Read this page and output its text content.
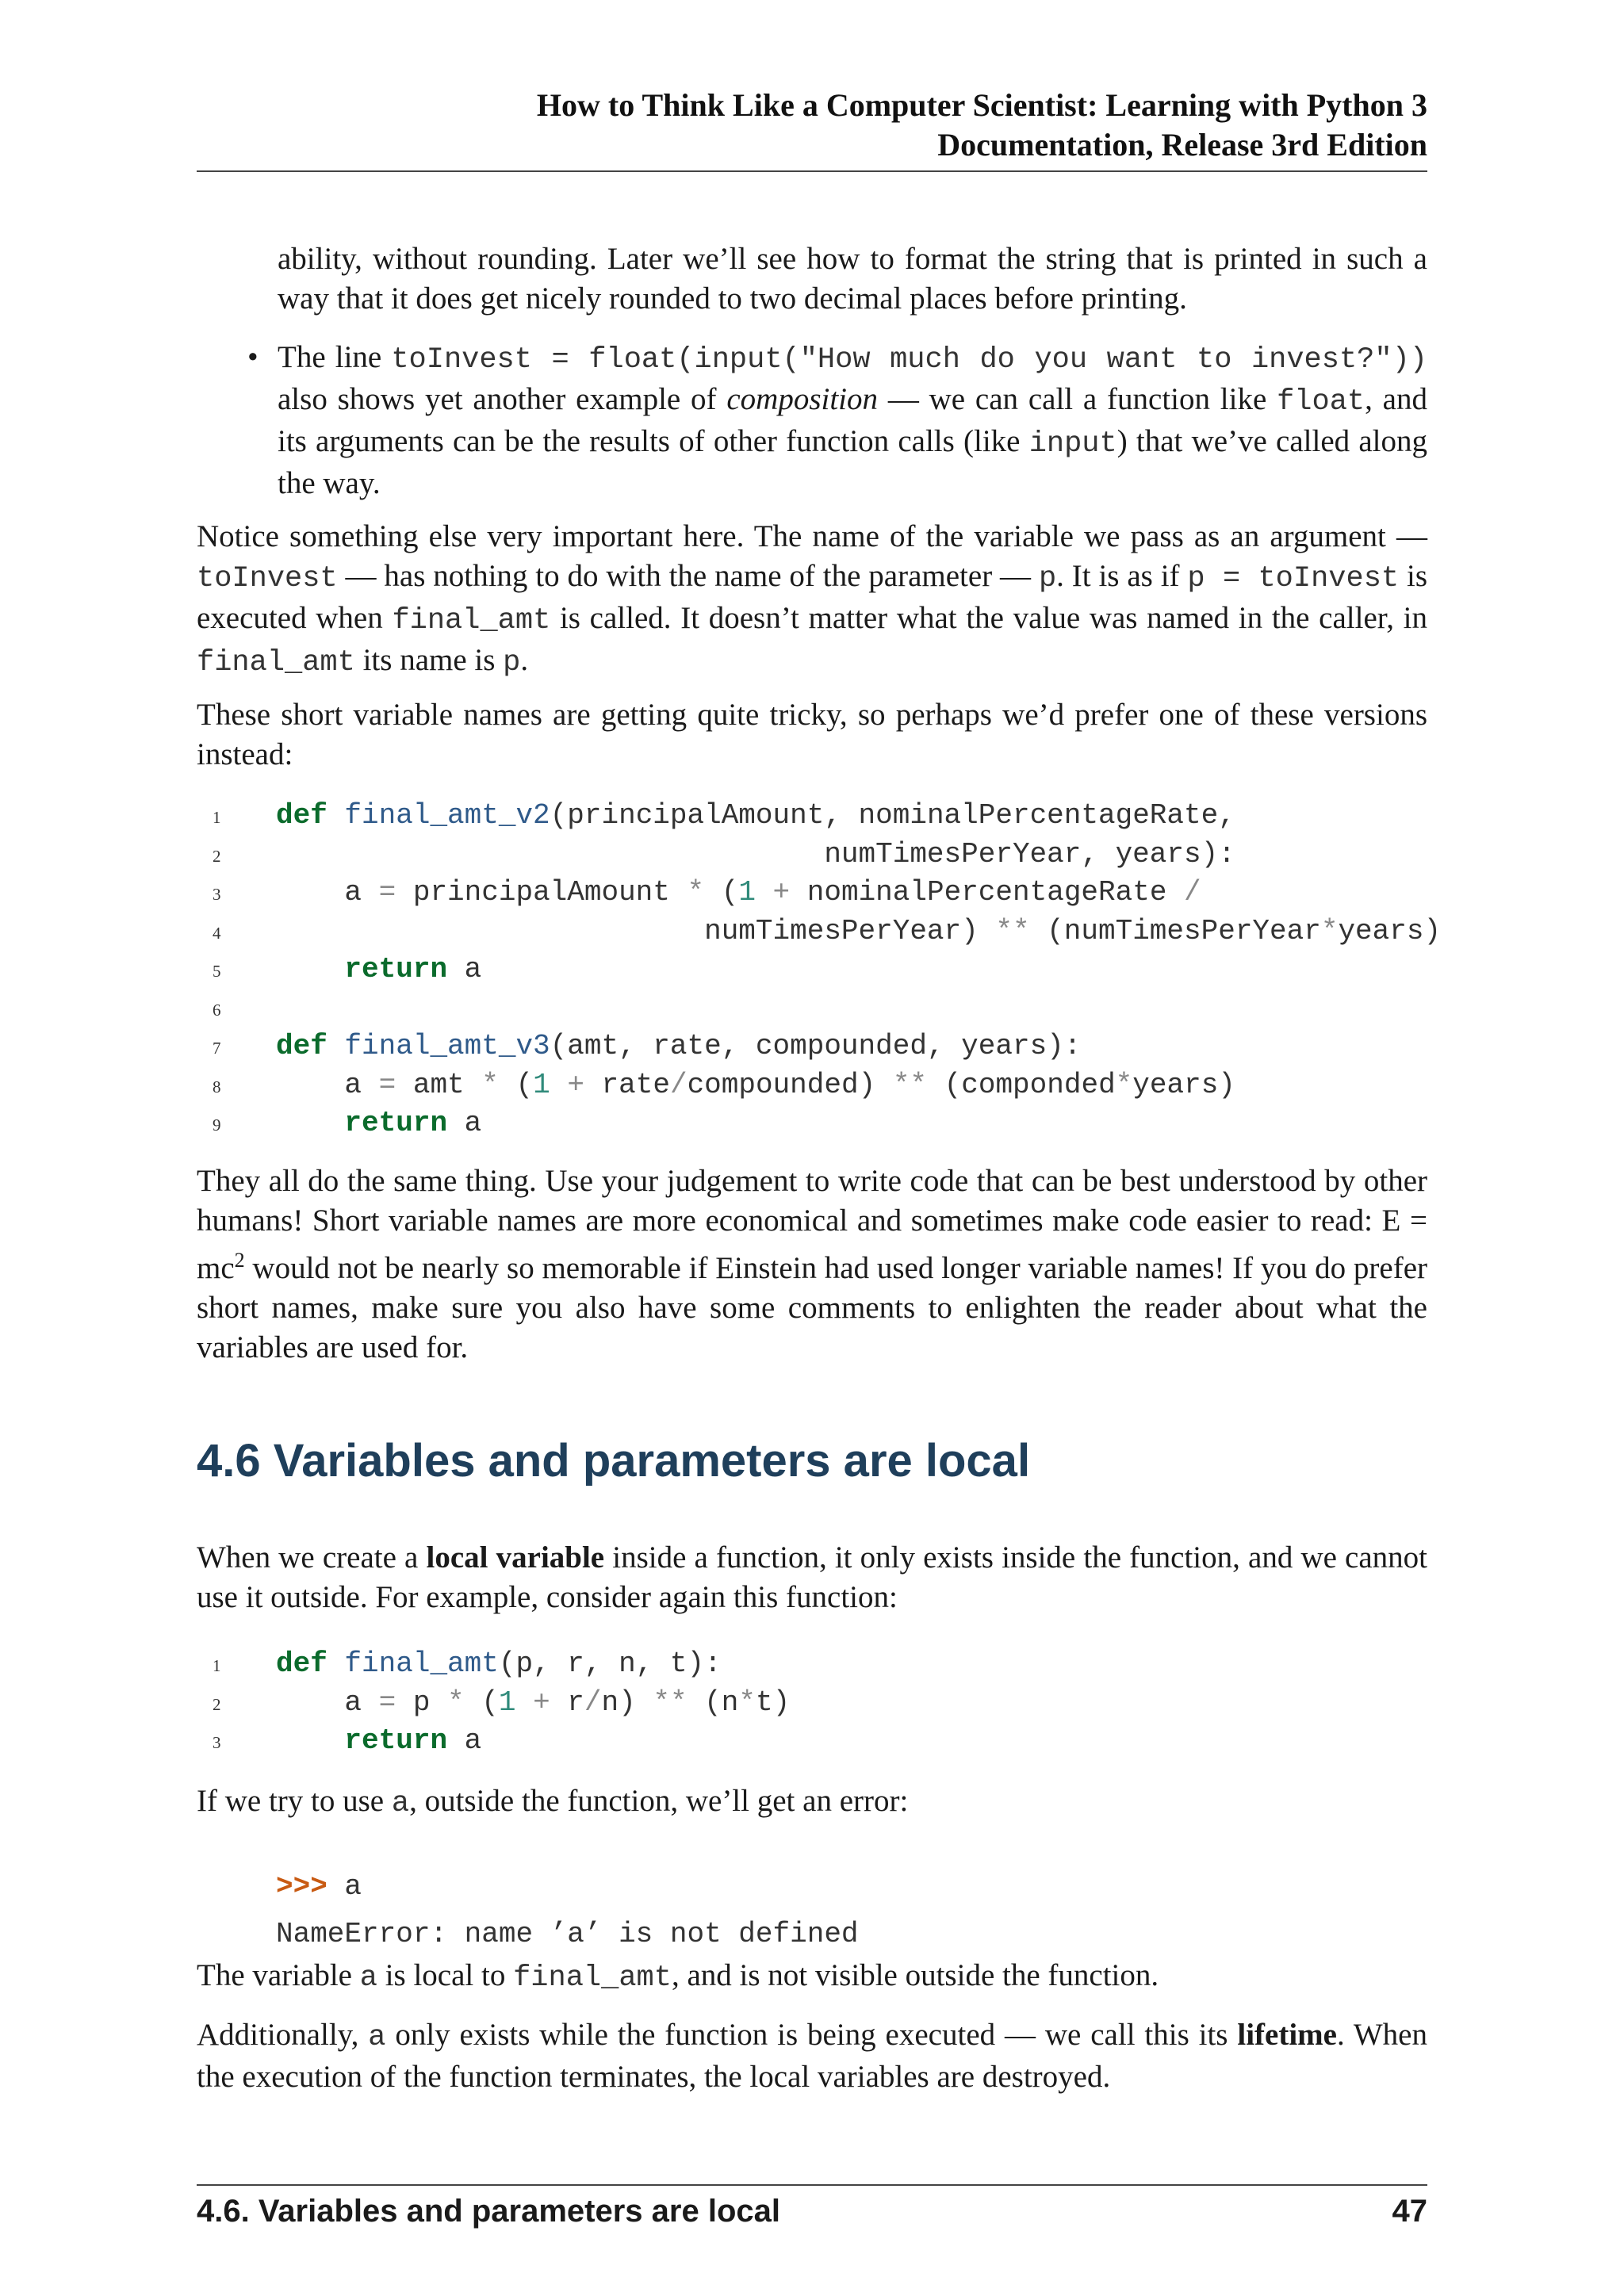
How to Think Like a Computer Scientist: Learning with Python 3
Documentation, Release 3rd Edition

ability, without rounding. Later we’ll see how to format the string that is printed in such a way that it does get nicely rounded to two decimal places before printing.

• The line toInvest = float(input("How much do you want to invest?")) also shows yet another example of composition — we can call a function like float, and its arguments can be the results of other function calls (like input) that we’ve called along the way.

Notice something else very important here. The name of the variable we pass as an argument — toInvest — has nothing to do with the name of the parameter — p. It is as if p = toInvest is executed when final_amt is called. It doesn’t matter what the value was named in the caller, in final_amt its name is p.

These short variable names are getting quite tricky, so perhaps we’d prefer one of these versions instead:

1 def final_amt_v2(principalAmount, nominalPercentageRate,
2                                numTimesPerYear, years):
3    a = principalAmount * (1 + nominalPercentageRate /
4                         numTimesPerYear) ** (numTimesPerYear*years)
5	return a
6
7 def final_amt_v3(amt, rate, compounded, years):
8    a = amt * (1 + rate/compounded) ** (componded*years)
9	return a

They all do the same thing. Use your judgement to write code that can be best understood by other humans! Short variable names are more economical and sometimes make code easier to read: $E = mc^2$ would not be nearly so memorable if Einstein had used longer variable names! If you do prefer short names, make sure you also have some comments to enlighten the reader about what the variables are used for.

4.6 Variables and parameters are local

When we create a local variable inside a function, it only exists inside the function, and we cannot use it outside. For example, consider again this function:

1 def final_amt(p, r, n, t):
2    a = p * (1 + r/n) ** (n*t)
3	return a

If we try to use a, outside the function, we’ll get an error:

>>> a
NameError: name ’a’ is not defined

The variable a is local to final_amt, and is not visible outside the function.

Additionally, a only exists while the function is being executed — we call this its lifetime. When the execution of the function terminates, the local variables are destroyed.

4.6. Variables and parameters are local	47
